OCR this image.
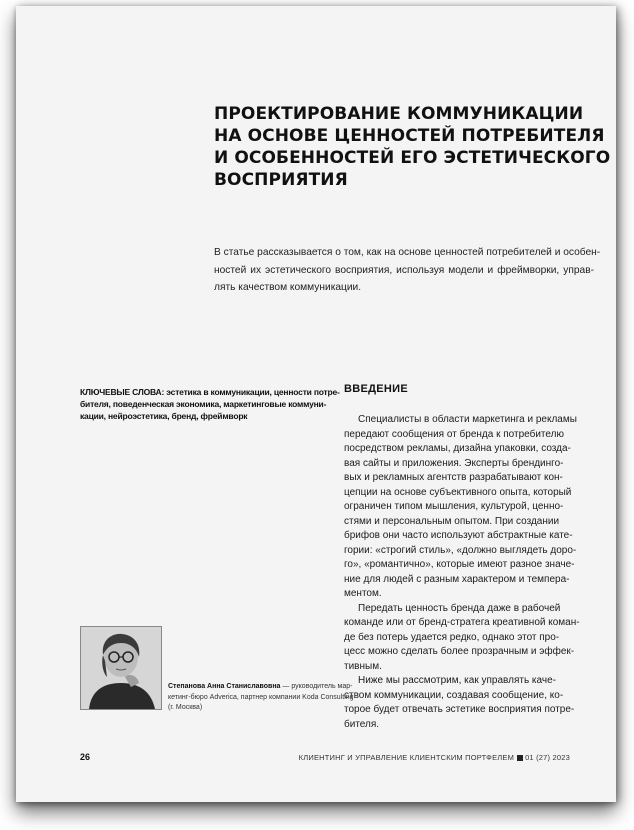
ПРОЕКТИРОВАНИЕ КОММУНИКАЦИИ
НА ОСНОВЕ ЦЕННОСТЕЙ ПОТРЕБИТЕЛЯ
И ОСОБЕННОСТЕЙ ЕГО ЭСТЕТИЧЕСКОГО
ВОСПРИЯТИЯ

В статье рассказывается о том, как на основе ценностей потребителей и особен-
ностей их эстетического восприятия, используя модели и фреймворки, управ-
лять качеством коммуникации.

КЛЮЧЕВЫЕ СЛОВА: эстетика в коммуникации, ценности потре-
бителя, поведенческая экономика, маркетинговые коммуни-
кации, нейроэстетика, бренд, фреймворк

Степанова Анна Станиславовна — руководитель мар-
кетинг-бюро Adverica, партнер компании Koda Consulting
(г. Москва)

ВВЕДЕНИЕ
Специалисты в области маркетинга и рекламы
передают сообщения от бренда к потребителю
посредством рекламы, дизайна упаковки, созда-
вая сайты и приложения. Эксперты брендинго-
вых и рекламных агентств разрабатывают кон-
цепции на основе субъективного опыта, который
ограничен типом мышления, культурой, ценно-
стями и персональным опытом. При создании
брифов они часто используют абстрактные кате-
гории: «строгий стиль», «должно выглядеть доро-
го», «романтично», которые имеют разное значе-
ние для людей с разным характером и темпера-
ментом.
Передать ценность бренда даже в рабочей
команде или от бренд-стратега креативной коман-
де без потерь удается редко, однако этот про-
цесс можно сделать более прозрачным и эффек-
тивным.
Ниже мы рассмотрим, как управлять каче-
ством коммуникации, создавая сообщение, ко-
торое будет отвечать эстетике восприятия потре-
бителя.
26	КЛИЕНТИНГ И УПРАВЛЕНИЕ КЛИЕНТСКИМ ПОРТФЕЛЕМ 01 (27) 2023
